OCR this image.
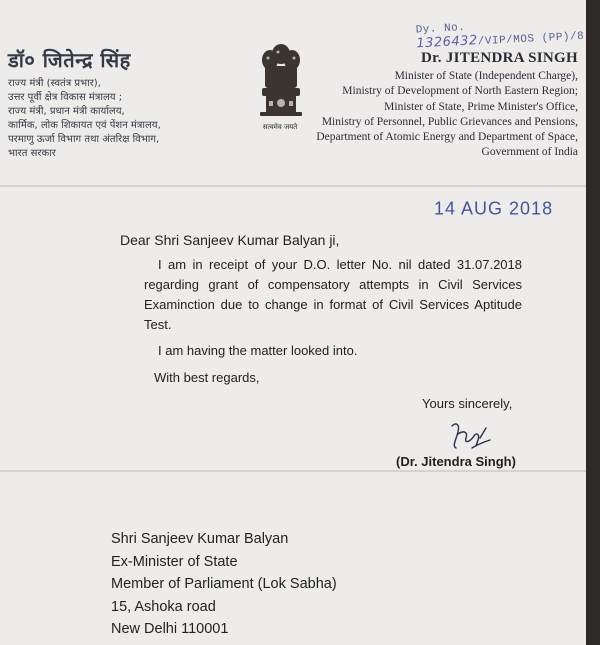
Dy. No. 1326432/VIP/MOS (PP)/8
डॉ० जितेन्द्र सिंह
राज्य मंत्री (स्वतंत्र प्रभार),
उत्तर पूर्वी क्षेत्र विकास मंत्रालय ;
राज्य मंत्री, प्रधान मंत्री कार्यालय,
कार्मिक, लोक शिकायत एवं पेंशन मंत्रालय,
परमाणु ऊर्जा विभाग तथा अंतरिक्ष विभाग,
भारत सरकार
सत्यमेव जयते
Dr. JITENDRA SINGH
Minister of State (Independent Charge),
Ministry of Development of North Eastern Region;
Minister of State, Prime Minister's Office,
Ministry of Personnel, Public Grievances and Pensions,
Department of Atomic Energy and Department of Space,
Government of India
14 AUG 2018
Dear Shri Sanjeev Kumar Balyan ji,
I am in receipt of your D.O. letter No. nil dated 31.07.2018 regarding grant of compensatory attempts in Civil Services Examinction due to change in format of Civil Services Aptitude Test.
I am having the matter looked into.
With best regards,
Yours sincerely,
(Dr. Jitendra Singh)
Shri Sanjeev Kumar Balyan
Ex-Minister of State
Member of Parliament (Lok Sabha)
15, Ashoka road
New Delhi 110001
